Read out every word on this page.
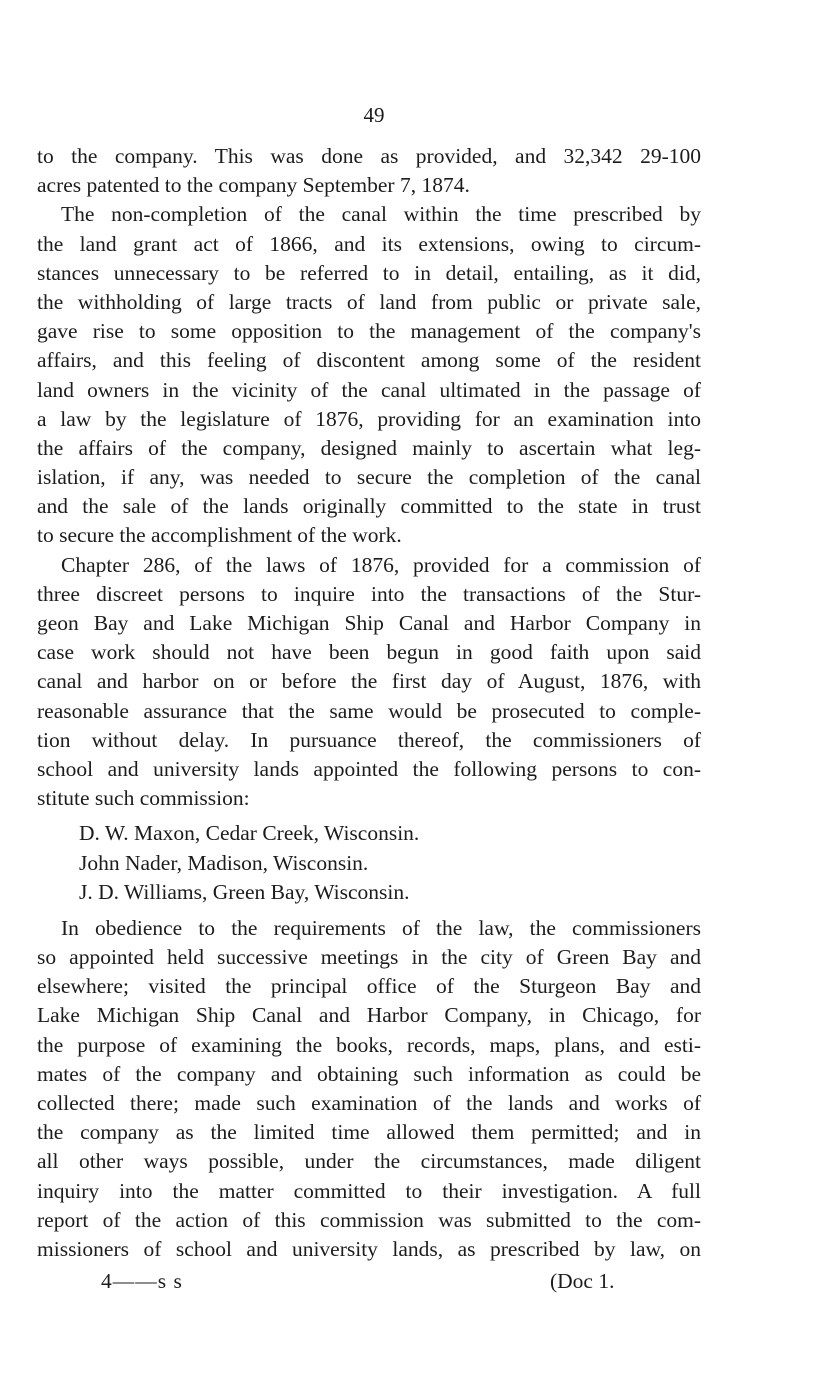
49
to the company. This was done as provided, and 32,342 29-100
acres patented to the company September 7, 1874.
The non-completion of the canal within the time prescribed by
the land grant act of 1866, and its extensions, owing to circum-
stances unnecessary to be referred to in detail, entailing, as it did,
the withholding of large tracts of land from public or private sale,
gave rise to some opposition to the management of the company's
affairs, and this feeling of discontent among some of the resident
land owners in the vicinity of the canal ultimated in the passage of
a law by the legislature of 1876, providing for an examination into
the affairs of the company, designed mainly to ascertain what leg-
islation, if any, was needed to secure the completion of the canal
and the sale of the lands originally committed to the state in trust
to secure the accomplishment of the work.
Chapter 286, of the laws of 1876, provided for a commission of
three discreet persons to inquire into the transactions of the Stur-
geon Bay and Lake Michigan Ship Canal and Harbor Company in
case work should not have been begun in good faith upon said
canal and harbor on or before the first day of August, 1876, with
reasonable assurance that the same would be prosecuted to comple-
tion without delay. In pursuance thereof, the commissioners of
school and university lands appointed the following persons to con-
stitute such commission:
D. W. Maxon, Cedar Creek, Wisconsin.
John Nader, Madison, Wisconsin.
J. D. Williams, Green Bay, Wisconsin.
In obedience to the requirements of the law, the commissioners
so appointed held successive meetings in the city of Green Bay and
elsewhere; visited the principal office of the Sturgeon Bay and
Lake Michigan Ship Canal and Harbor Company, in Chicago, for
the purpose of examining the books, records, maps, plans, and esti-
mates of the company and obtaining such information as could be
collected there; made such examination of the lands and works of
the company as the limited time allowed them permitted; and in
all other ways possible, under the circumstances, made diligent
inquiry into the matter committed to their investigation. A full
report of the action of this commission was submitted to the com-
missioners of school and university lands, as prescribed by law, on
4——s s	(Doc 1.
